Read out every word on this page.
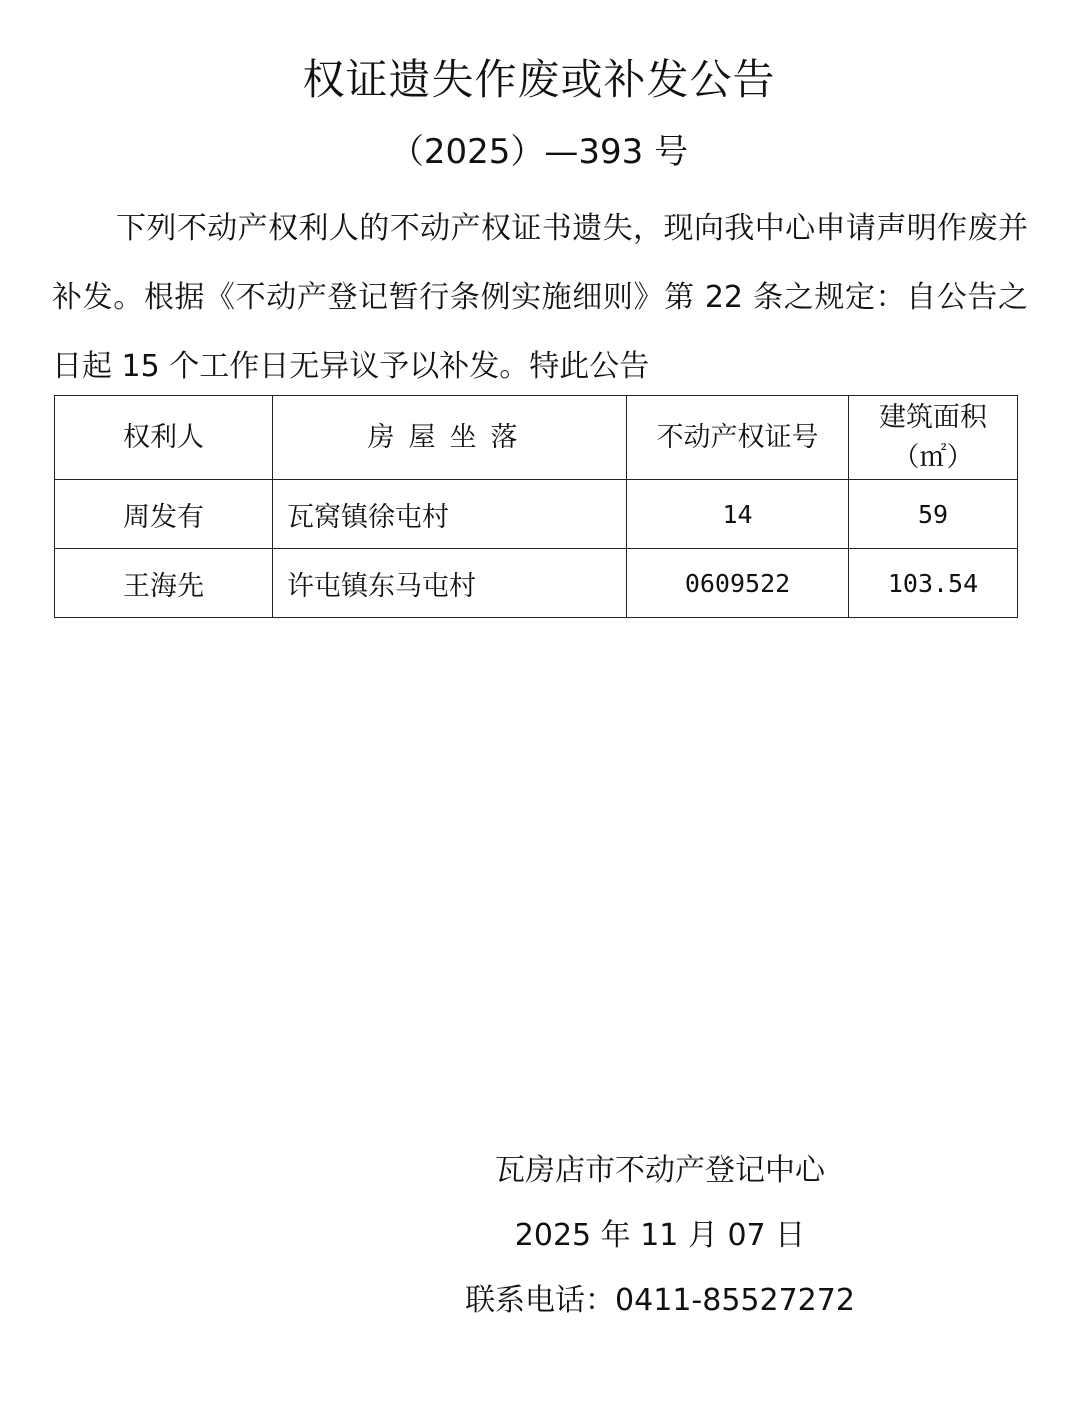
权证遗失作废或补发公告
（2025）—393 号

下列不动产权利人的不动产权证书遗失，现向我中心申请声明作废并补发。根据《不动产登记暂行条例实施细则》第 22 条之规定：自公告之日起 15 个工作日无异议予以补发。特此公告

权利人	房屋坐落	不动产权证号	建筑面积
（㎡）

周发有	瓦窝镇徐屯村	14	59
王海先	许屯镇东马屯村	0609522	103.54
瓦房店市不动产登记中心
2025 年 11 月 07 日
联系电话：0411-85527272
